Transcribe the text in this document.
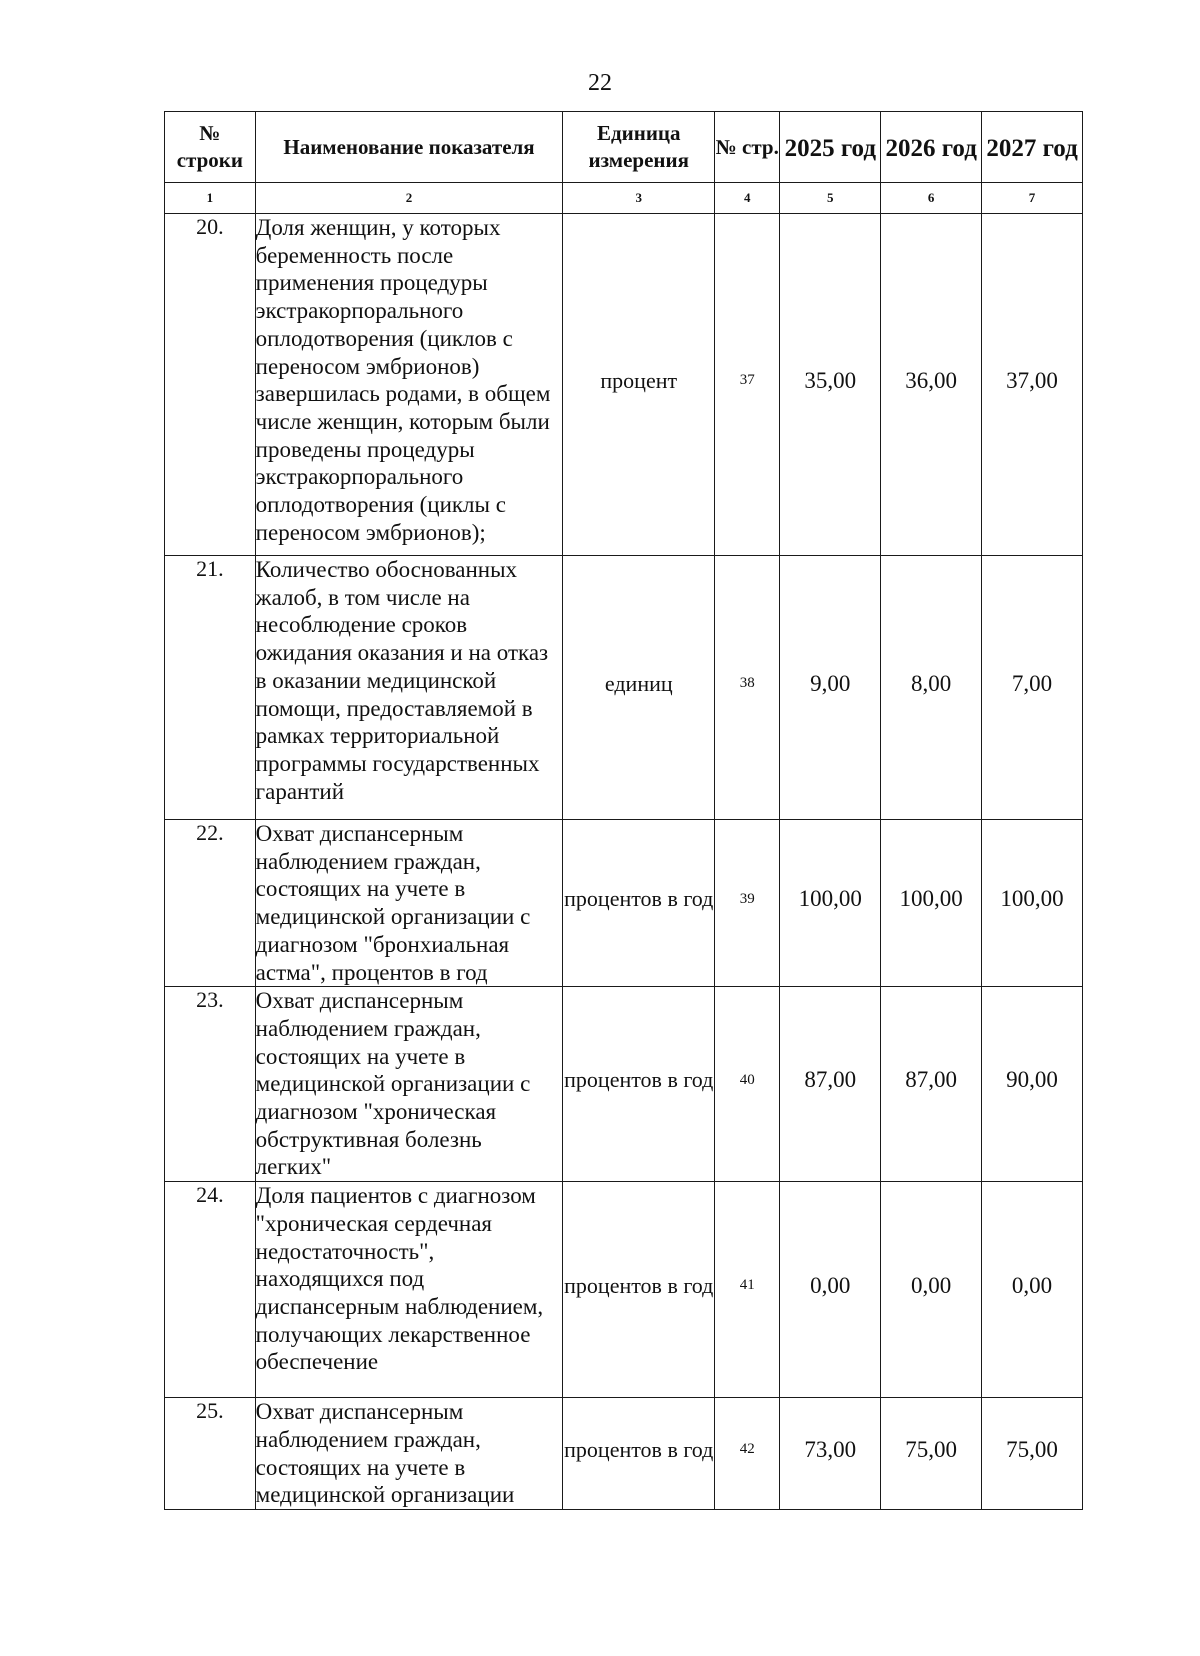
22
№ строки	Наименование показателя	Единица измерения	№ стр.	2025 год	2026 год	2027 год
1	2	3	4	5	6	7
20.	Доля женщин, у которых беременность после применения процедуры экстракорпорального оплодотворения (циклов с переносом эмбрионов) завершилась родами, в общем числе женщин, которым были проведены процедуры экстракорпорального оплодотворения (циклы с переносом эмбрионов);	процент	37	35,00	36,00	37,00
21.	Количество обоснованных жалоб, в том числе на несоблюдение сроков ожидания оказания и на отказ в оказании медицинской помощи, предоставляемой в рамках территориальной программы государственных гарантий	единиц	38	9,00	8,00	7,00
22.	Охват диспансерным наблюдением граждан, состоящих на учете в медицинской организации с диагнозом "бронхиальная астма", процентов в год	процентов в год	39	100,00	100,00	100,00
23.	Охват диспансерным наблюдением граждан, состоящих на учете в медицинской организации с диагнозом "хроническая обструктивная болезнь легких"	процентов в год	40	87,00	87,00	90,00
24.	Доля пациентов с диагнозом "хроническая сердечная недостаточность", находящихся под диспансерным наблюдением, получающих лекарственное обеспечение	процентов в год	41	0,00	0,00	0,00
25.	Охват диспансерным наблюдением граждан, состоящих на учете в медицинской организации	процентов в год	42	73,00	75,00	75,00
